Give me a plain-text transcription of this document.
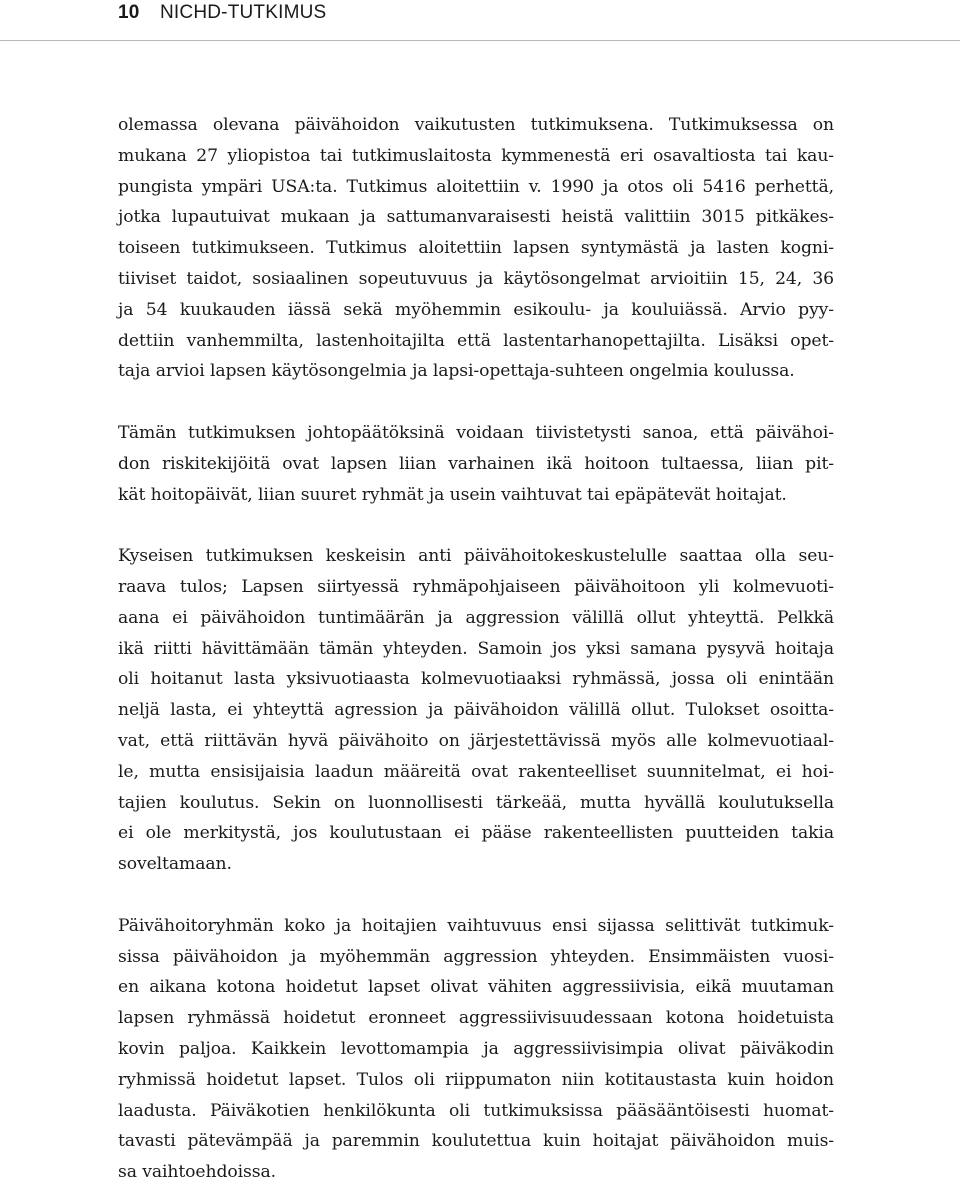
10 NICHD-TUTKIMUS

olemassa olevana päivähoidon vaikutusten tutkimuksena. Tutkimuksessa on
mukana 27 yliopistoa tai tutkimuslaitosta kymmenestä eri osavaltiosta tai kau-
pungista ympäri USA:ta. Tutkimus aloitettiin v. 1990 ja otos oli 5416 perhettä,
jotka lupautuivat mukaan ja sattumanvaraisesti heistä valittiin 3015 pitkäkes-
toiseen tutkimukseen. Tutkimus aloitettiin lapsen syntymästä ja lasten kogni-
tiiviset taidot, sosiaalinen sopeutuvuus ja käytösongelmat arvioitiin 15, 24, 36
ja 54 kuukauden iässä sekä myöhemmin esikoulu- ja kouluiässä. Arvio pyy-
dettiin vanhemmilta, lastenhoitajilta että lastentarhanopettajilta. Lisäksi opet-
taja arvioi lapsen käytösongelmia ja lapsi-opettaja-suhteen ongelmia koulussa.

Tämän tutkimuksen johtopäätöksinä voidaan tiivistetysti sanoa, että päivähoi-
don riskitekijöitä ovat lapsen liian varhainen ikä hoitoon tultaessa, liian pit-
kät hoitopäivät, liian suuret ryhmät ja usein vaihtuvat tai epäpätevät hoitajat.

Kyseisen tutkimuksen keskeisin anti päivähoitokeskustelulle saattaa olla seu-
raava tulos; Lapsen siirtyessä ryhmäpohjaiseen päivähoitoon yli kolmevuoti-
aana ei päivähoidon tuntimäärän ja aggression välillä ollut yhteyttä. Pelkkä
ikä riitti hävittämään tämän yhteyden. Samoin jos yksi samana pysyvä hoitaja
oli hoitanut lasta yksivuotiaasta kolmevuotiaaksi ryhmässä, jossa oli enintään
neljä lasta, ei yhteyttä agression ja päivähoidon välillä ollut. Tulokset osoitta-
vat, että riittävän hyvä päivähoito on järjestettävissä myös alle kolmevuotiaal-
le, mutta ensisijaisia laadun määreitä ovat rakenteelliset suunnitelmat, ei hoi-
tajien koulutus. Sekin on luonnollisesti tärkeää, mutta hyvällä koulutuksella
ei ole merkitystä, jos koulutustaan ei pääse rakenteellisten puutteiden takia
soveltamaan.

Päivähoitoryhmän koko ja hoitajien vaihtuvuus ensi sijassa selittivät tutkimuk-
sissa päivähoidon ja myöhemmän aggression yhteyden. Ensimmäisten vuosi-
en aikana kotona hoidetut lapset olivat vähiten aggressiivisia, eikä muutaman
lapsen ryhmässä hoidetut eronneet aggressiivisuudessaan kotona hoidetuista
kovin paljoa. Kaikkein levottomampia ja aggressiivisimpia olivat päiväkodin
ryhmissä hoidetut lapset. Tulos oli riippumaton niin kotitaustasta kuin hoidon
laadusta. Päiväkotien henkilökunta oli tutkimuksissa pääsääntöisesti huomat-
tavasti pätevämpää ja paremmin koulutettua kuin hoitajat päivähoidon muis-
sa vaihtoehdoissa.
